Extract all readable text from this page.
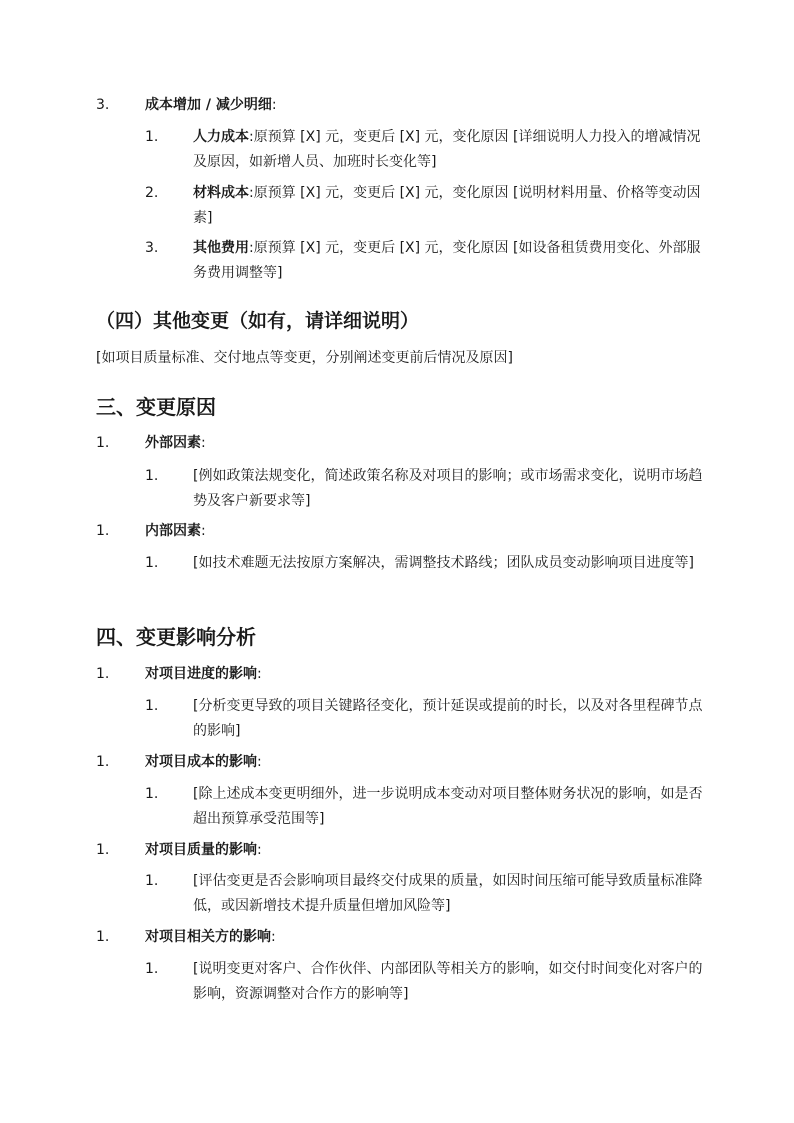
3.	成本增加 / 减少明细:
1. 人力成本:原预算 [X] 元，变更后 [X] 元，变化原因 [详细说明人力投入的增减情况及原因，如新增人员、加班时长变化等]
2. 材料成本:原预算 [X] 元，变更后 [X] 元，变化原因 [说明材料用量、价格等变动因素]
3. 其他费用:原预算 [X] 元，变更后 [X] 元，变化原因 [如设备租赁费用变化、外部服务费用调整等]
（四）其他变更（如有，请详细说明）
[如项目质量标准、交付地点等变更，分别阐述变更前后情况及原因]
三、变更原因
1.	外部因素:
1. [例如政策法规变化，简述政策名称及对项目的影响；或市场需求变化，说明市场趋势及客户新要求等]
1.	内部因素:
1. [如技术难题无法按原方案解决，需调整技术路线；团队成员变动影响项目进度等]
四、变更影响分析
1.	对项目进度的影响:
1. [分析变更导致的项目关键路径变化，预计延误或提前的时长，以及对各里程碑节点的影响]
1.	对项目成本的影响:
1. [除上述成本变更明细外，进一步说明成本变动对项目整体财务状况的影响，如是否超出预算承受范围等]
1.	对项目质量的影响:
1. [评估变更是否会影响项目最终交付成果的质量，如因时间压缩可能导致质量标准降低，或因新增技术提升质量但增加风险等]
1.	对项目相关方的影响:
1. [说明变更对客户、合作伙伴、内部团队等相关方的影响，如交付时间变化对客户的影响，资源调整对合作方的影响等]
